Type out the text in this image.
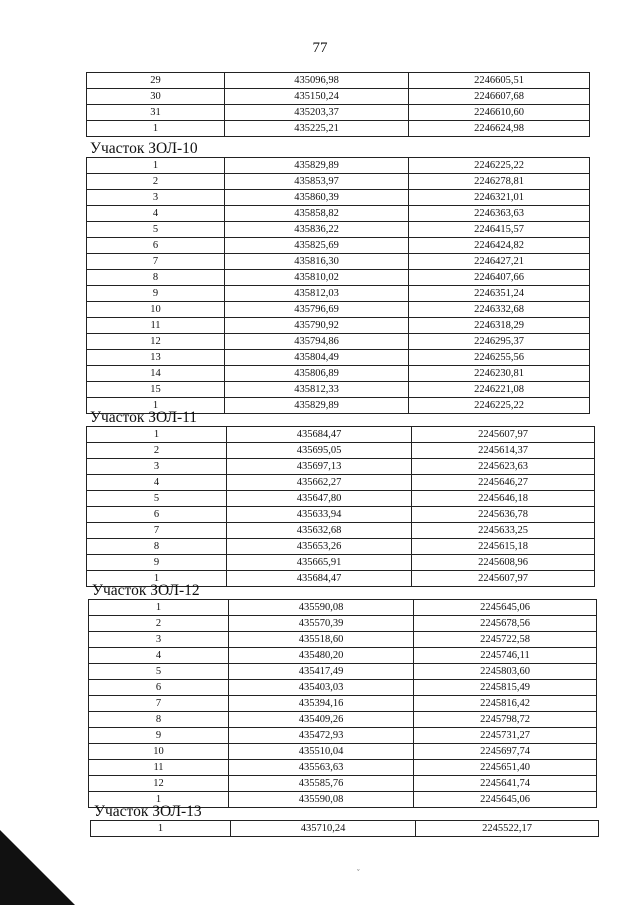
77
29	435096,98	2246605,51
30	435150,24	2246607,68
31	435203,37	2246610,60
1	435225,21	2246624,98
Участок ЗОЛ-10
1	435829,89	2246225,22
2	435853,97	2246278,81
3	435860,39	2246321,01
4	435858,82	2246363,63
5	435836,22	2246415,57
6	435825,69	2246424,82
7	435816,30	2246427,21
8	435810,02	2246407,66
9	435812,03	2246351,24
10	435796,69	2246332,68
11	435790,92	2246318,29
12	435794,86	2246295,37
13	435804,49	2246255,56
14	435806,89	2246230,81
15	435812,33	2246221,08
1	435829,89	2246225,22
Участок ЗОЛ-11
1	435684,47	2245607,97
2	435695,05	2245614,37
3	435697,13	2245623,63
4	435662,27	2245646,27
5	435647,80	2245646,18
6	435633,94	2245636,78
7	435632,68	2245633,25
8	435653,26	2245615,18
9	435665,91	2245608,96
1	435684,47	2245607,97
Участок ЗОЛ-12
1	435590,08	2245645,06
2	435570,39	2245678,56
3	435518,60	2245722,58
4	435480,20	2245746,11
5	435417,49	2245803,60
6	435403,03	2245815,49
7	435394,16	2245816,42
8	435409,26	2245798,72
9	435472,93	2245731,27
10	435510,04	2245697,74
11	435563,63	2245651,40
12	435585,76	2245641,74
1	435590,08	2245645,06
Участок ЗОЛ-13
1	435710,24	2245522,17
ˇ
